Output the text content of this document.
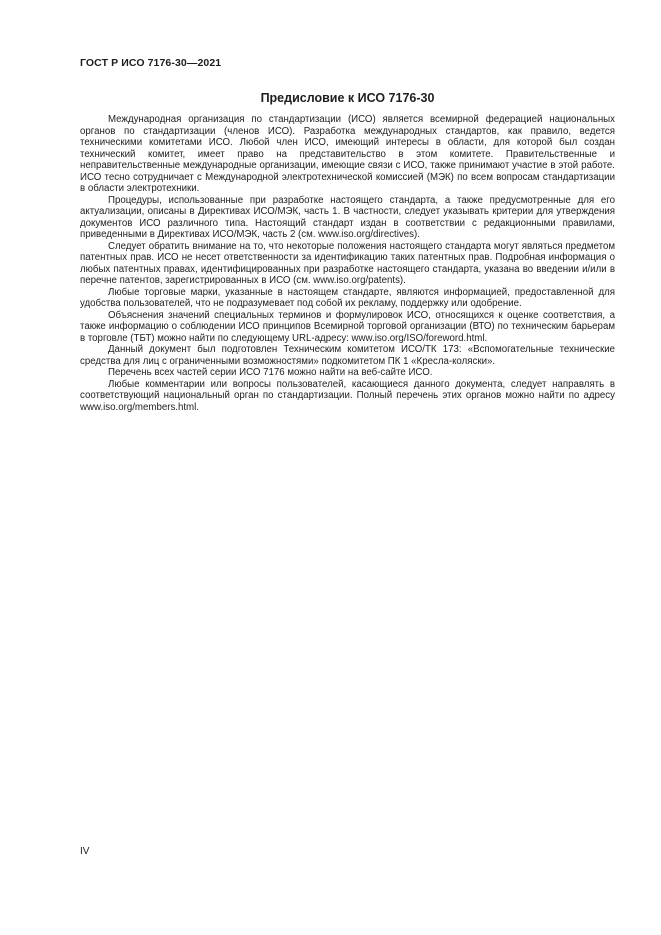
ГОСТ Р ИСО 7176-30—2021
Предисловие к ИСО 7176-30

Международная организация по стандартизации (ИСО) является всемирной федерацией национальных органов по стандартизации (членов ИСО). Разработка международных стандартов, как правило, ведется техническими комитетами ИСО. Любой член ИСО, имеющий интересы в области, для которой был создан технический комитет, имеет право на представительство в этом комитете. Правительственные и неправительственные международные организации, имеющие связи с ИСО, также принимают участие в этой работе. ИСО тесно сотрудничает с Международной электротехнической комиссией (МЭК) по всем вопросам стандартизации в области электротехники.

Процедуры, использованные при разработке настоящего стандарта, а также предусмотренные для его актуализации, описаны в Директивах ИСО/МЭК, часть 1. В частности, следует указывать критерии для утверждения документов ИСО различного типа. Настоящий стандарт издан в соответствии с редакционными правилами, приведенными в Директивах ИСО/МЭК, часть 2 (см. www.iso.org/directives).

Следует обратить внимание на то, что некоторые положения настоящего стандарта могут являться предметом патентных прав. ИСО не несет ответственности за идентификацию таких патентных прав. Подробная информация о любых патентных правах, идентифицированных при разработке настоящего стандарта, указана во введении и/или в перечне патентов, зарегистрированных в ИСО (см. www.iso.org/patents).

Любые торговые марки, указанные в настоящем стандарте, являются информацией, предоставленной для удобства пользователей, что не подразумевает под собой их рекламу, поддержку или одобрение.

Объяснения значений специальных терминов и формулировок ИСО, относящихся к оценке соответствия, а также информацию о соблюдении ИСО принципов Всемирной торговой организации (ВТО) по техническим барьерам в торговле (ТБТ) можно найти по следующему URL-адресу: www.iso.org/ISO/foreword.html.

Данный документ был подготовлен Техническим комитетом ИСО/ТК 173: «Вспомогательные технические средства для лиц с ограниченными возможностями» подкомитетом ПК 1 «Кресла-коляски».

Перечень всех частей серии ИСО 7176 можно найти на веб-сайте ИСО.

Любые комментарии или вопросы пользователей, касающиеся данного документа, следует направлять в соответствующий национальный орган по стандартизации. Полный перечень этих органов можно найти по адресу www.iso.org/members.html.

IV
